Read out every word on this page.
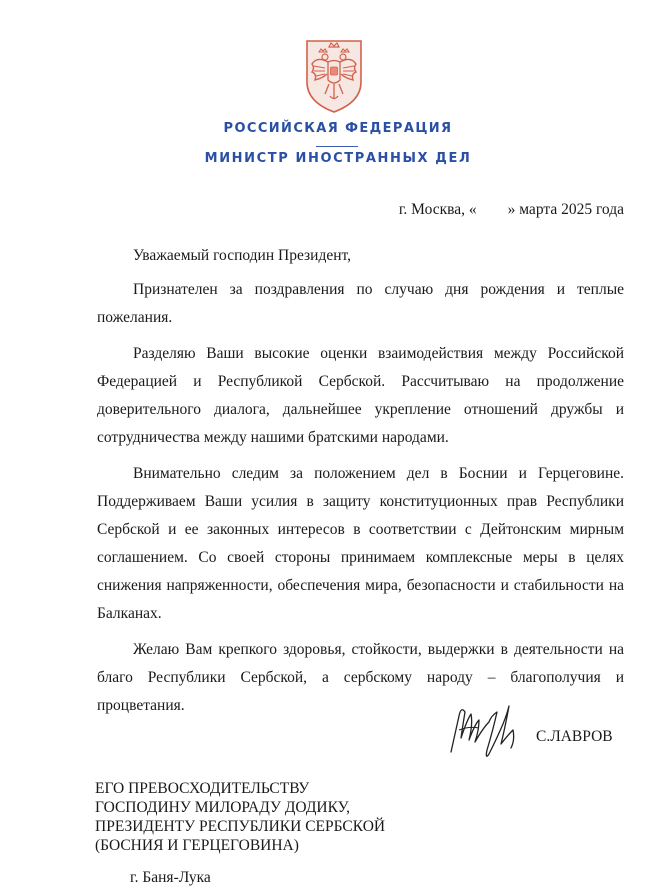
РОССИЙСКАЯ ФЕДЕРАЦИЯ
МИНИСТР ИНОСТРАННЫХ ДЕЛ
г. Москва, «        » марта 2025 года

Уважаемый господин Президент,

Признателен за поздравления по случаю дня рождения и теплые пожелания.

Разделяю Ваши высокие оценки взаимодействия между Российской Федерацией и Республикой Сербской. Рассчитываю на продолжение доверительного диалога, дальнейшее укрепление отношений дружбы и сотрудничества между нашими братскими народами.

Внимательно следим за положением дел в Боснии и Герцеговине. Поддерживаем Ваши усилия в защиту конституционных прав Республики Сербской и ее законных интересов в соответствии с Дейтонским мирным соглашением. Со своей стороны принимаем комплексные меры в целях снижения напряженности, обеспечения мира, безопасности и стабильности на Балканах.

Желаю Вам крепкого здоровья, стойкости, выдержки в деятельности на благо Республики Сербской, а сербскому народу – благополучия и процветания.

С.ЛАВРОВ
ЕГО ПРЕВОСХОДИТЕЛЬСТВУ
ГОСПОДИНУ МИЛОРАДУ ДОДИКУ,
ПРЕЗИДЕНТУ РЕСПУБЛИКИ СЕРБСКОЙ
(БОСНИЯ И ГЕРЦЕГОВИНА)
г. Баня-Лука
